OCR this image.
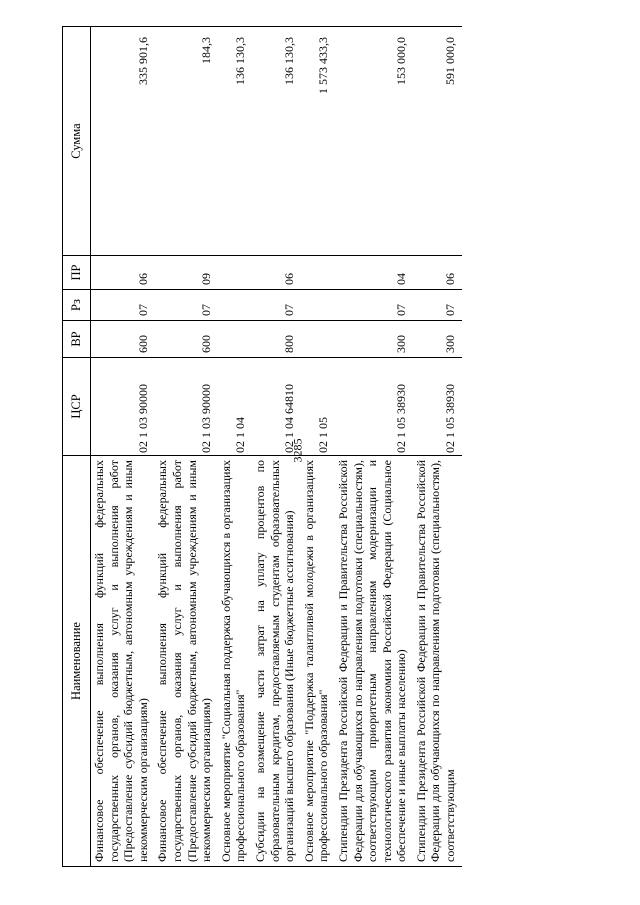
3285
Наименование	ЦСР	ВР	Рз	ПР	Сумма
Финансовое обеспечение выполнения функций федеральных государственных органов, оказания услуг и выполнения работ (Предоставление субсидий бюджетным, автономным учреждениям и иным некоммерческим организациям)	02 1 03 90000	600	07	06	335 901,6
Финансовое обеспечение выполнения функций федеральных государственных органов, оказания услуг и выполнения работ (Предоставление субсидий бюджетным, автономным учреждениям и иным некоммерческим организациям)	02 1 03 90000	600	07	09	184,3
Основное мероприятие "Социальная поддержка обучающихся в организациях профессионального образования"	02 1 04				136 130,3
Субсидии на возмещение части затрат на уплату процентов по образовательным кредитам, предоставляемым студентам образовательных организаций высшего образования (Иные бюджетные ассигнования)	02 1 04 64810	800	07	06	136 130,3
Основное мероприятие "Поддержка талантливой молодежи в организациях профессионального образования"	02 1 05				1 573 433,3
Стипендии Президента Российской Федерации и Правительства Российской Федерации для обучающихся по направлениям подготовки (специальностям), соответствующим приоритетным направлениям модернизации и технологического развития экономики Российской Федерации (Социальное обеспечение и иные выплаты населению)	02 1 05 38930	300	07	04	153 000,0
Стипендии Президента Российской Федерации и Правительства Российской Федерации для обучающихся по направлениям подготовки (специальностям), соответствующим	02 1 05 38930	300	07	06	591 000,0
